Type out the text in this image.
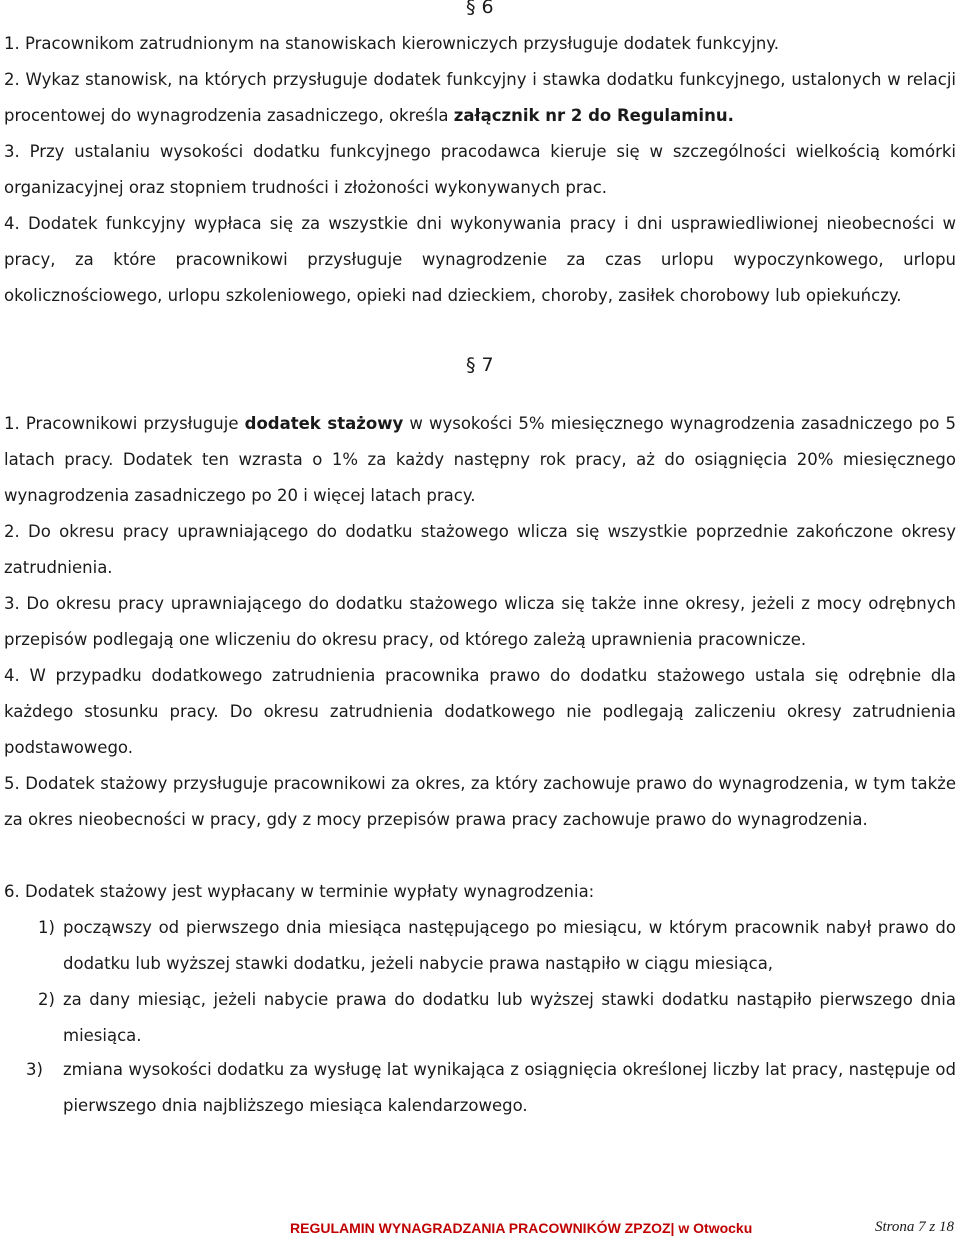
§ 6
1. Pracownikom zatrudnionym na stanowiskach kierowniczych przysługuje dodatek funkcyjny.
2. Wykaz stanowisk, na których przysługuje dodatek funkcyjny i stawka dodatku funkcyjnego, ustalonych w relacji procentowej do wynagrodzenia zasadniczego, określa załącznik nr 2 do Regulaminu.
3. Przy ustalaniu wysokości dodatku funkcyjnego pracodawca kieruje się w szczególności wielkością komórki organizacyjnej oraz stopniem trudności i złożoności wykonywanych prac.
4. Dodatek funkcyjny wypłaca się za wszystkie dni wykonywania pracy i dni usprawiedliwionej nieobecności w pracy, za które pracownikowi przysługuje wynagrodzenie za czas urlopu wypoczynkowego, urlopu okolicznościowego, urlopu szkoleniowego, opieki nad dzieckiem, choroby, zasiłek chorobowy lub opiekuńczy.
§ 7
1. Pracownikowi przysługuje dodatek stażowy w wysokości 5% miesięcznego wynagrodzenia zasadniczego po 5 latach pracy. Dodatek ten wzrasta o 1% za każdy następny rok pracy, aż do osiągnięcia 20% miesięcznego wynagrodzenia zasadniczego po 20 i więcej latach pracy.
2. Do okresu pracy uprawniającego do dodatku stażowego wlicza się wszystkie poprzednie zakończone okresy zatrudnienia.
3. Do okresu pracy uprawniającego do dodatku stażowego wlicza się także inne okresy, jeżeli z mocy odrębnych przepisów podlegają one wliczeniu do okresu pracy, od którego zależą uprawnienia pracownicze.
4. W przypadku dodatkowego zatrudnienia pracownika prawo do dodatku stażowego ustala się odrębnie dla każdego stosunku pracy. Do okresu zatrudnienia dodatkowego nie podlegają zaliczeniu okresy zatrudnienia podstawowego.
5. Dodatek stażowy przysługuje pracownikowi za okres, za który zachowuje prawo do wynagrodzenia, w tym także za okres nieobecności w pracy, gdy z mocy przepisów prawa pracy zachowuje prawo do wynagrodzenia.
6. Dodatek stażowy jest wypłacany w terminie wypłaty wynagrodzenia:
1) począwszy od pierwszego dnia miesiąca następującego po miesiącu, w którym pracownik nabył prawo do dodatku lub wyższej stawki dodatku, jeżeli nabycie prawa nastąpiło w ciągu miesiąca,
2) za dany miesiąc, jeżeli nabycie prawa do dodatku lub wyższej stawki dodatku nastąpiło pierwszego dnia miesiąca.
3) zmiana wysokości dodatku za wysługę lat wynikająca z osiągnięcia określonej liczby lat pracy, następuje od pierwszego dnia najbliższego miesiąca kalendarzowego.
REGULAMIN WYNAGRADZANIA PRACOWNIKÓW ZPZOZ| w Otwocku	Strona 7 z 18
